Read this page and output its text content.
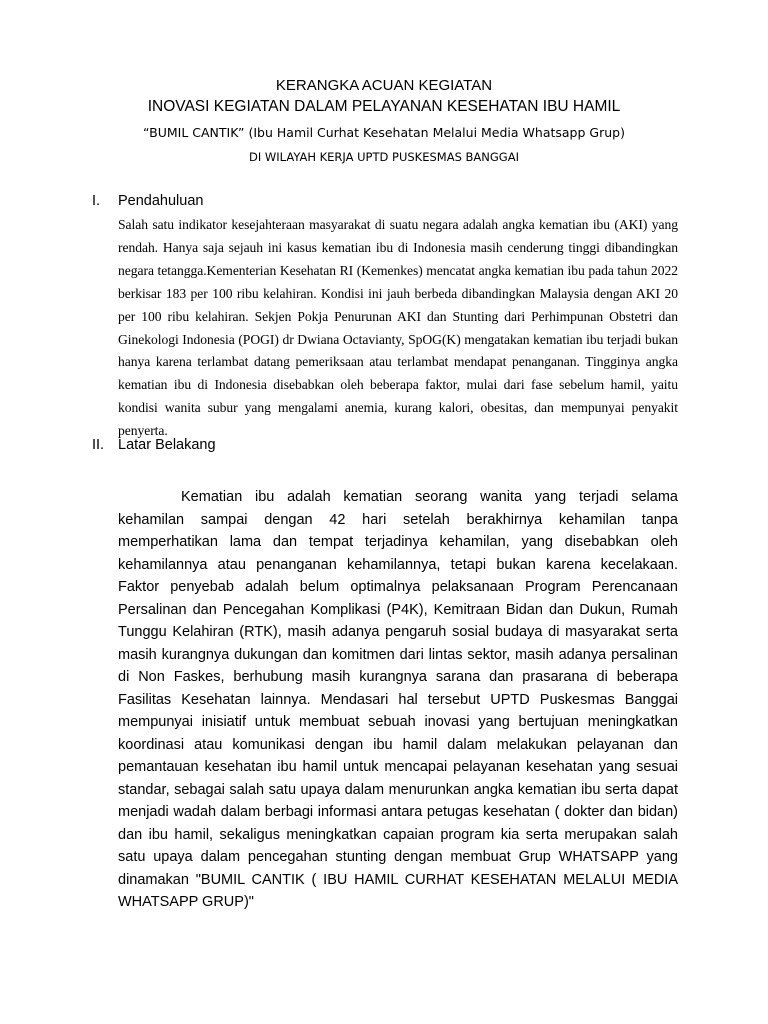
KERANGKA ACUAN KEGIATAN
INOVASI KEGIATAN DALAM PELAYANAN KESEHATAN IBU HAMIL
“BUMIL CANTIK” (Ibu Hamil Curhat Kesehatan Melalui Media Whatsapp Grup)
DI WILAYAH KERJA UPTD PUSKESMAS BANGGAI
I. Pendahuluan

Salah satu indikator kesejahteraan masyarakat di suatu negara adalah angka kematian ibu (AKI) yang rendah. Hanya saja sejauh ini kasus kematian ibu di Indonesia masih cenderung tinggi dibandingkan negara tetangga.Kementerian Kesehatan RI (Kemenkes) mencatat angka kematian ibu pada tahun 2022 berkisar 183 per 100 ribu kelahiran. Kondisi ini jauh berbeda dibandingkan Malaysia dengan AKI 20 per 100 ribu kelahiran. Sekjen Pokja Penurunan AKI dan Stunting dari Perhimpunan Obstetri dan Ginekologi Indonesia (POGI) dr Dwiana Octavianty, SpOG(K) mengatakan kematian ibu terjadi bukan hanya karena terlambat datang pemeriksaan atau terlambat mendapat penanganan. Tingginya angka kematian ibu di Indonesia disebabkan oleh beberapa faktor, mulai dari fase sebelum hamil, yaitu kondisi wanita subur yang mengalami anemia, kurang kalori, obesitas, dan mempunyai penyakit penyerta.

II. Latar Belakang

Kematian ibu adalah kematian seorang wanita yang terjadi selama kehamilan sampai dengan 42 hari setelah berakhirnya kehamilan tanpa memperhatikan lama dan tempat terjadinya kehamilan, yang disebabkan oleh kehamilannya atau penanganan kehamilannya, tetapi bukan karena kecelakaan. Faktor penyebab adalah belum optimalnya pelaksanaan Program Perencanaan Persalinan dan Pencegahan Komplikasi (P4K), Kemitraan Bidan dan Dukun, Rumah Tunggu Kelahiran (RTK), masih adanya pengaruh sosial budaya di masyarakat serta masih kurangnya dukungan dan komitmen dari lintas sektor, masih adanya persalinan di Non Faskes, berhubung masih kurangnya sarana dan prasarana di beberapa Fasilitas Kesehatan lainnya. Mendasari hal tersebut UPTD Puskesmas Banggai mempunyai inisiatif untuk membuat sebuah inovasi yang bertujuan meningkatkan koordinasi atau komunikasi dengan ibu hamil dalam melakukan pelayanan dan pemantauan kesehatan ibu hamil untuk mencapai pelayanan kesehatan yang sesuai standar, sebagai salah satu upaya dalam menurunkan angka kematian ibu serta dapat menjadi wadah dalam berbagi informasi antara petugas kesehatan ( dokter dan bidan) dan ibu hamil, sekaligus meningkatkan capaian program kia serta merupakan salah satu upaya dalam pencegahan stunting dengan membuat Grup WHATSAPP yang dinamakan "BUMIL CANTIK ( IBU HAMIL CURHAT KESEHATAN MELALUI MEDIA WHATSAPP GRUP)"
